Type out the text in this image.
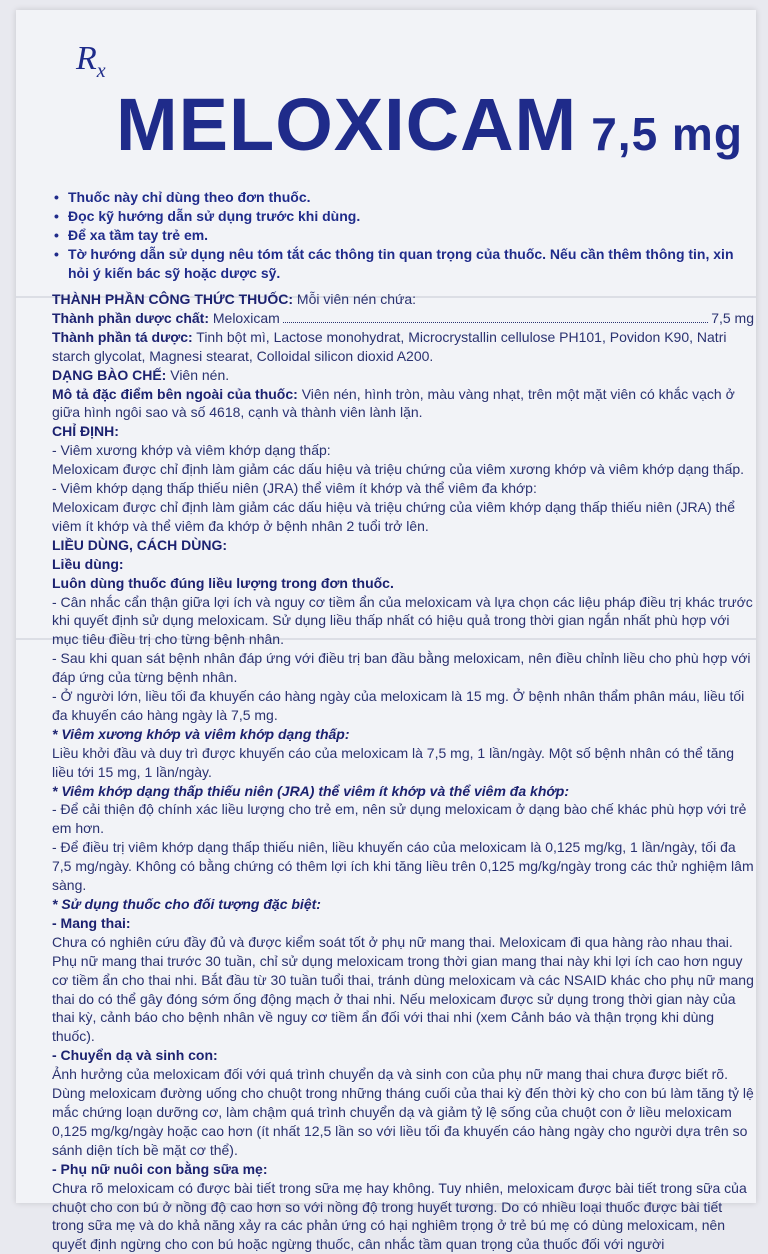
$R_x$
MELOXICAM 7,5 mg
• Thuốc này chỉ dùng theo đơn thuốc.
• Đọc kỹ hướng dẫn sử dụng trước khi dùng.
• Để xa tầm tay trẻ em.
• Tờ hướng dẫn sử dụng nêu tóm tắt các thông tin quan trọng của thuốc. Nếu cần thêm thông tin, xin hỏi ý kiến bác sỹ hoặc dược sỹ.

THÀNH PHẦN CÔNG THỨC THUỐC: Mỗi viên nén chứa:

Thành phần dược chất: Meloxicam	7,5 mg

Thành phần tá dược: Tinh bột mì, Lactose monohydrat, Microcrystallin cellulose PH101, Povidon K90, Natri starch glycolat, Magnesi stearat, Colloidal silicon dioxid A200.

DẠNG BÀO CHẾ: Viên nén.

Mô tả đặc điểm bên ngoài của thuốc: Viên nén, hình tròn, màu vàng nhạt, trên một mặt viên có khắc vạch ở giữa hình ngôi sao và số 4618, cạnh và thành viên lành lặn.

CHỈ ĐỊNH:

- Viêm xương khớp và viêm khớp dạng thấp:

Meloxicam được chỉ định làm giảm các dấu hiệu và triệu chứng của viêm xương khớp và viêm khớp dạng thấp.

- Viêm khớp dạng thấp thiếu niên (JRA) thể viêm ít khớp và thể viêm đa khớp:

Meloxicam được chỉ định làm giảm các dấu hiệu và triệu chứng của viêm khớp dạng thấp thiếu niên (JRA) thể viêm ít khớp và thể viêm đa khớp ở bệnh nhân 2 tuổi trở lên.

LIỀU DÙNG, CÁCH DÙNG:

Liều dùng:

Luôn dùng thuốc đúng liều lượng trong đơn thuốc.

- Cân nhắc cẩn thận giữa lợi ích và nguy cơ tiềm ẩn của meloxicam và lựa chọn các liệu pháp điều trị khác trước khi quyết định sử dụng meloxicam. Sử dụng liều thấp nhất có hiệu quả trong thời gian ngắn nhất phù hợp với mục tiêu điều trị cho từng bệnh nhân.

- Sau khi quan sát bệnh nhân đáp ứng với điều trị ban đầu bằng meloxicam, nên điều chỉnh liều cho phù hợp với đáp ứng của từng bệnh nhân.

- Ở người lớn, liều tối đa khuyến cáo hàng ngày của meloxicam là 15 mg. Ở bệnh nhân thẩm phân máu, liều tối đa khuyến cáo hàng ngày là 7,5 mg.

* Viêm xương khớp và viêm khớp dạng thấp:

Liều khởi đầu và duy trì được khuyến cáo của meloxicam là 7,5 mg, 1 lần/ngày. Một số bệnh nhân có thể tăng liều tới 15 mg, 1 lần/ngày.

* Viêm khớp dạng thấp thiếu niên (JRA) thể viêm ít khớp và thể viêm đa khớp:

- Để cải thiện độ chính xác liều lượng cho trẻ em, nên sử dụng meloxicam ở dạng bào chế khác phù hợp với trẻ em hơn.

- Để điều trị viêm khớp dạng thấp thiếu niên, liều khuyến cáo của meloxicam là 0,125 mg/kg, 1 lần/ngày, tối đa 7,5 mg/ngày. Không có bằng chứng có thêm lợi ích khi tăng liều trên 0,125 mg/kg/ngày trong các thử nghiệm lâm sàng.

* Sử dụng thuốc cho đối tượng đặc biệt:

- Mang thai:

Chưa có nghiên cứu đầy đủ và được kiểm soát tốt ở phụ nữ mang thai. Meloxicam đi qua hàng rào nhau thai. Phụ nữ mang thai trước 30 tuần, chỉ sử dụng meloxicam trong thời gian mang thai này khi lợi ích cao hơn nguy cơ tiềm ẩn cho thai nhi. Bắt đầu từ 30 tuần tuổi thai, tránh dùng meloxicam và các NSAID khác cho phụ nữ mang thai do có thể gây đóng sớm ống động mạch ở thai nhi. Nếu meloxicam được sử dụng trong thời gian này của thai kỳ, cảnh báo cho bệnh nhân về nguy cơ tiềm ẩn đối với thai nhi (xem Cảnh báo và thận trọng khi dùng thuốc).

- Chuyển dạ và sinh con:

Ảnh hưởng của meloxicam đối với quá trình chuyển dạ và sinh con của phụ nữ mang thai chưa được biết rõ. Dùng meloxicam đường uống cho chuột trong những tháng cuối của thai kỳ đến thời kỳ cho con bú làm tăng tỷ lệ mắc chứng loạn dưỡng cơ, làm chậm quá trình chuyển dạ và giảm tỷ lệ sống của chuột con ở liều meloxicam 0,125 mg/kg/ngày hoặc cao hơn (ít nhất 12,5 lần so với liều tối đa khuyến cáo hàng ngày cho người dựa trên so sánh diện tích bề mặt cơ thể).

- Phụ nữ nuôi con bằng sữa mẹ:

Chưa rõ meloxicam có được bài tiết trong sữa mẹ hay không. Tuy nhiên, meloxicam được bài tiết trong sữa của chuột cho con bú ở nồng độ cao hơn so với nồng độ trong huyết tương. Do có nhiều loại thuốc được bài tiết trong sữa mẹ và do khả năng xảy ra các phản ứng có hại nghiêm trọng ở trẻ bú mẹ có dùng meloxicam, nên quyết định ngừng cho con bú hoặc ngừng thuốc, cân nhắc tầm quan trọng của thuốc đối với người
